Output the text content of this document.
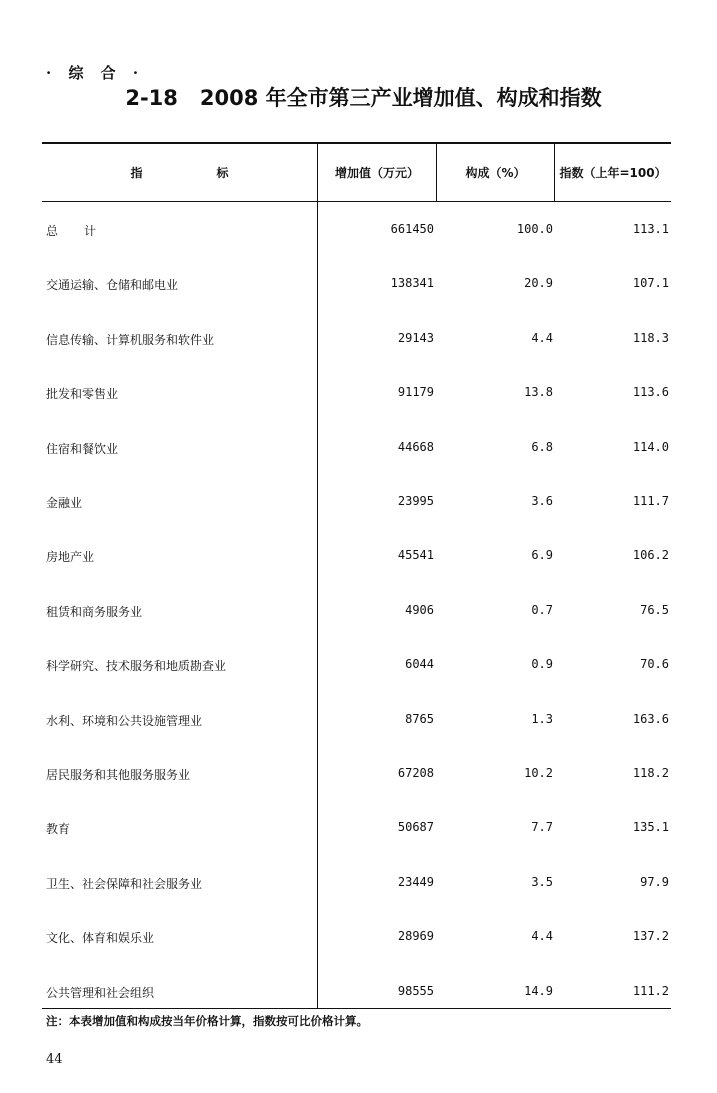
· 综 合 ·
2-18 2008 年全市第三产业增加值、构成和指数
指标	增加值（万元）	构成（%）	指数（上年=100）
总计	661450	100.0	113.1
交通运输、仓储和邮电业	138341	20.9	107.1
信息传输、计算机服务和软件业	29143	4.4	118.3
批发和零售业	91179	13.8	113.6
住宿和餐饮业	44668	6.8	114.0
金融业	23995	3.6	111.7
房地产业	45541	6.9	106.2
租赁和商务服务业	4906	0.7	76.5
科学研究、技术服务和地质勘查业	6044	0.9	70.6
水利、环境和公共设施管理业	8765	1.3	163.6
居民服务和其他服务服务业	67208	10.2	118.2
教育	50687	7.7	135.1
卫生、社会保障和社会服务业	23449	3.5	97.9
文化、体育和娱乐业	28969	4.4	137.2
公共管理和社会组织	98555	14.9	111.2
注：本表增加值和构成按当年价格计算，指数按可比价格计算。
44
